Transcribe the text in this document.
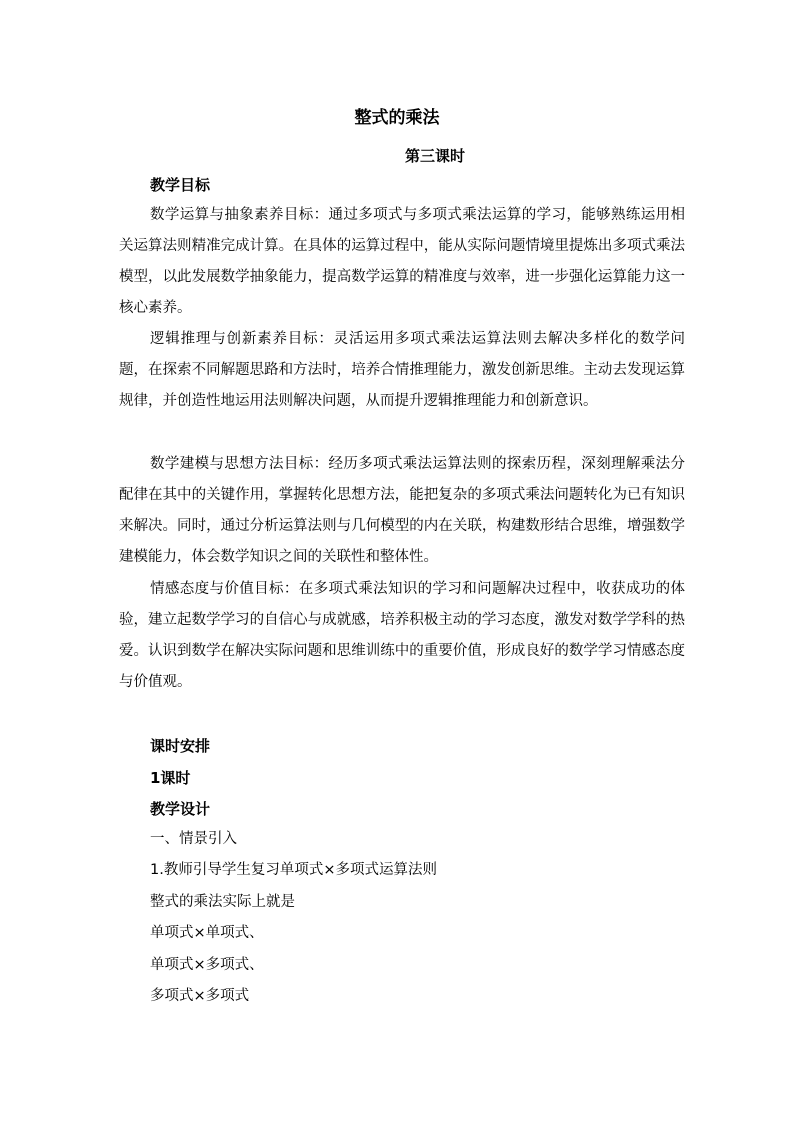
整式的乘法
第三课时
教学目标

数学运算与抽象素养目标：通过多项式与多项式乘法运算的学习，能够熟练运用相关运算法则精准完成计算。在具体的运算过程中，能从实际问题情境里提炼出多项式乘法模型，以此发展数学抽象能力，提高数学运算的精准度与效率，进一步强化运算能力这一核心素养。

逻辑推理与创新素养目标：灵活运用多项式乘法运算法则去解决多样化的数学问题，在探索不同解题思路和方法时，培养合情推理能力，激发创新思维。主动去发现运算规律，并创造性地运用法则解决问题，从而提升逻辑推理能力和创新意识。

数学建模与思想方法目标：经历多项式乘法运算法则的探索历程，深刻理解乘法分配律在其中的关键作用，掌握转化思想方法，能把复杂的多项式乘法问题转化为已有知识来解决。同时，通过分析运算法则与几何模型的内在关联，构建数形结合思维，增强数学建模能力，体会数学知识之间的关联性和整体性。

情感态度与价值目标：在多项式乘法知识的学习和问题解决过程中，收获成功的体验，建立起数学学习的自信心与成就感，培养积极主动的学习态度，激发对数学学科的热爱。认识到数学在解决实际问题和思维训练中的重要价值，形成良好的数学学习情感态度与价值观。

课时安排
1课时
教学设计
一、情景引入
1.教师引导学生复习单项式×多项式运算法则
整式的乘法实际上就是
单项式×单项式、
单项式×多项式、
多项式×多项式
